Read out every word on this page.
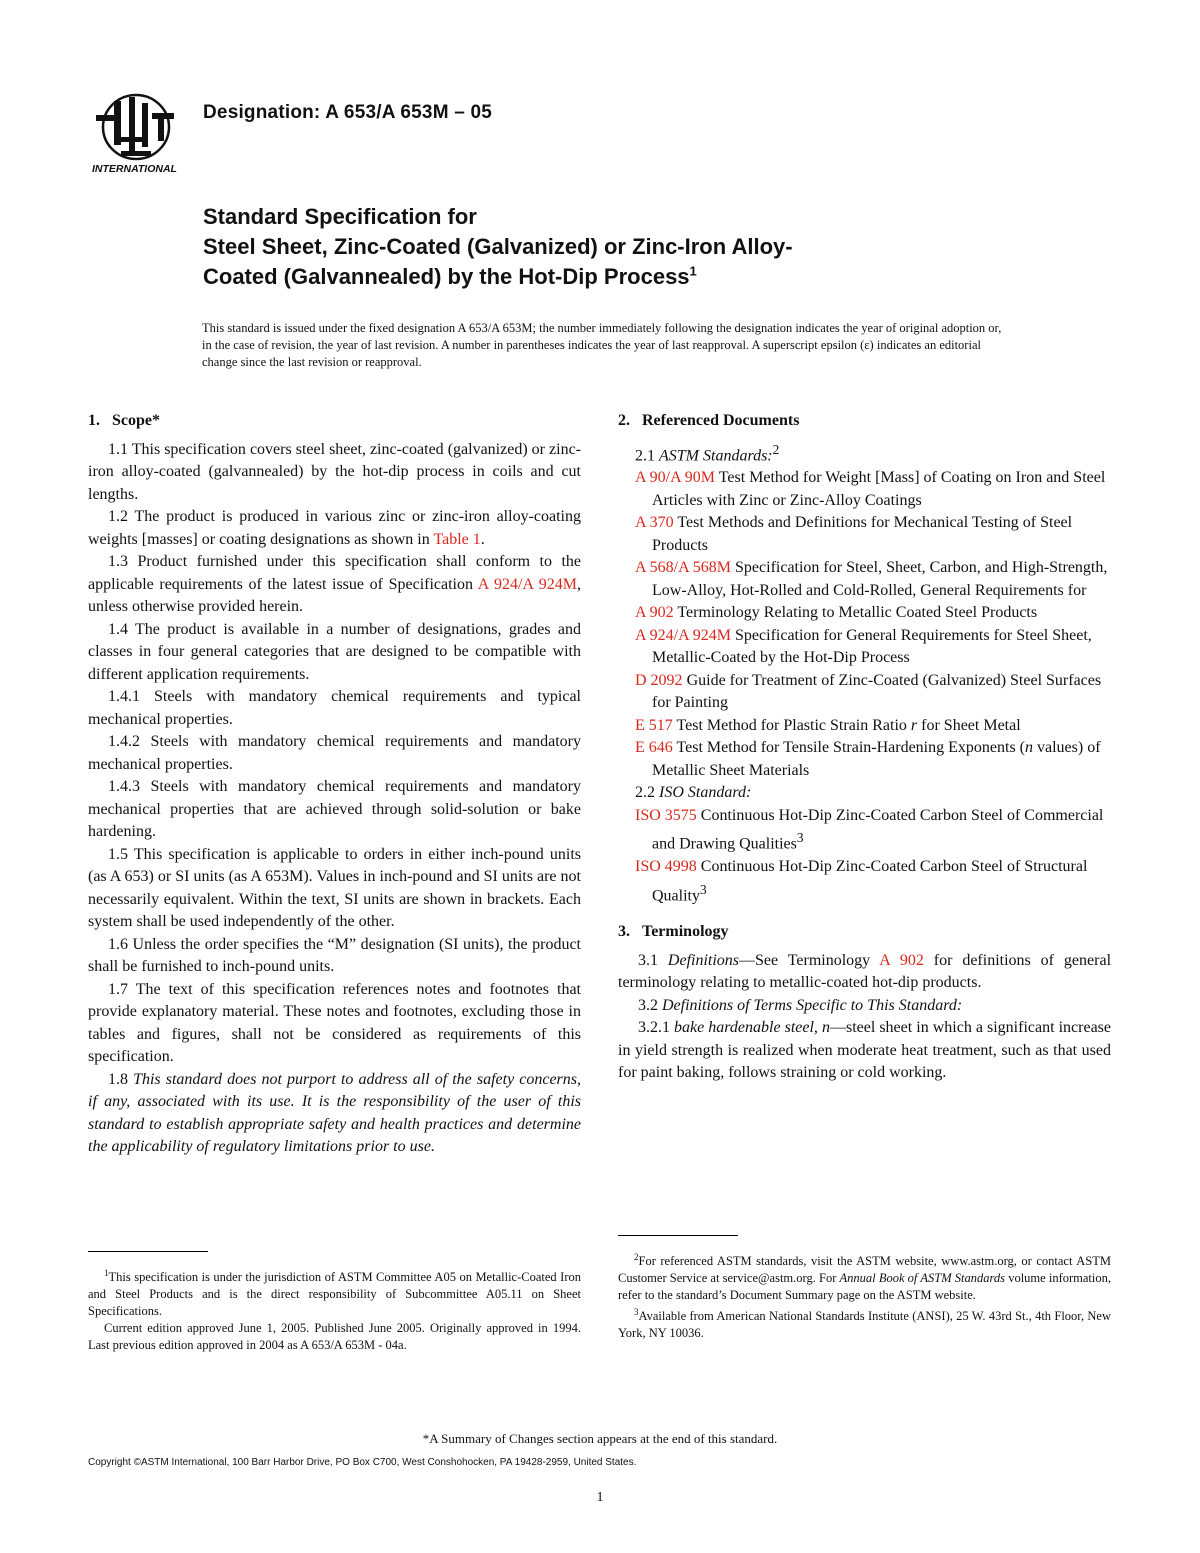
INTERNATIONAL
Designation: A 653/A 653M – 05
Standard Specification for
Steel Sheet, Zinc-Coated (Galvanized) or Zinc-Iron Alloy-
Coated (Galvannealed) by the Hot-Dip Process$^1$
This standard is issued under the fixed designation A 653/A 653M; the number immediately following the designation indicates the year of original adoption or, in the case of revision, the year of last revision. A number in parentheses indicates the year of last reapproval. A superscript epsilon (ε) indicates an editorial change since the last revision or reapproval.
1. Scope*

1.1 This specification covers steel sheet, zinc-coated (galvanized) or zinc-iron alloy-coated (galvannealed) by the hot-dip process in coils and cut lengths.

1.2 The product is produced in various zinc or zinc-iron alloy-coating weights [masses] or coating designations as shown in Table 1.

1.3 Product furnished under this specification shall conform to the applicable requirements of the latest issue of Specification A 924/A 924M, unless otherwise provided herein.

1.4 The product is available in a number of designations, grades and classes in four general categories that are designed to be compatible with different application requirements.

1.4.1 Steels with mandatory chemical requirements and typical mechanical properties.

1.4.2 Steels with mandatory chemical requirements and mandatory mechanical properties.

1.4.3 Steels with mandatory chemical requirements and mandatory mechanical properties that are achieved through solid-solution or bake hardening.

1.5 This specification is applicable to orders in either inch-pound units (as A 653) or SI units (as A 653M). Values in inch-pound and SI units are not necessarily equivalent. Within the text, SI units are shown in brackets. Each system shall be used independently of the other.

1.6 Unless the order specifies the “M” designation (SI units), the product shall be furnished to inch-pound units.

1.7 The text of this specification references notes and footnotes that provide explanatory material. These notes and footnotes, excluding those in tables and figures, shall not be considered as requirements of this specification.

1.8 This standard does not purport to address all of the safety concerns, if any, associated with its use. It is the responsibility of the user of this standard to establish appropriate safety and health practices and determine the applicability of regulatory limitations prior to use.

2. Referenced Documents

2.1 ASTM Standards:$^2$

A 90/A 90M Test Method for Weight [Mass] of Coating on Iron and Steel Articles with Zinc or Zinc-Alloy Coatings

A 370 Test Methods and Definitions for Mechanical Testing of Steel Products

A 568/A 568M Specification for Steel, Sheet, Carbon, and High-Strength, Low-Alloy, Hot-Rolled and Cold-Rolled, General Requirements for

A 902 Terminology Relating to Metallic Coated Steel Products

A 924/A 924M Specification for General Requirements for Steel Sheet, Metallic-Coated by the Hot-Dip Process

D 2092 Guide for Treatment of Zinc-Coated (Galvanized) Steel Surfaces for Painting

E 517 Test Method for Plastic Strain Ratio r for Sheet Metal

E 646 Test Method for Tensile Strain-Hardening Exponents (n values) of Metallic Sheet Materials

2.2 ISO Standard:

ISO 3575 Continuous Hot-Dip Zinc-Coated Carbon Steel of Commercial and Drawing Qualities$^3$

ISO 4998 Continuous Hot-Dip Zinc-Coated Carbon Steel of Structural Quality$^3$

3. Terminology

3.1 Definitions—See Terminology A 902 for definitions of general terminology relating to metallic-coated hot-dip products.

3.2 Definitions of Terms Specific to This Standard:

3.2.1 bake hardenable steel, n—steel sheet in which a significant increase in yield strength is realized when moderate heat treatment, such as that used for paint baking, follows straining or cold working.

$^1$This specification is under the jurisdiction of ASTM Committee A05 on Metallic-Coated Iron and Steel Products and is the direct responsibility of Subcommittee A05.11 on Sheet Specifications.

Current edition approved June 1, 2005. Published June 2005. Originally approved in 1994. Last previous edition approved in 2004 as A 653/A 653M - 04a.

$^2$For referenced ASTM standards, visit the ASTM website, www.astm.org, or contact ASTM Customer Service at service@astm.org. For Annual Book of ASTM Standards volume information, refer to the standard’s Document Summary page on the ASTM website.

$^3$Available from American National Standards Institute (ANSI), 25 W. 43rd St., 4th Floor, New York, NY 10036.

*A Summary of Changes section appears at the end of this standard.
Copyright ©ASTM International, 100 Barr Harbor Drive, PO Box C700, West Conshohocken, PA 19428-2959, United States.
1
